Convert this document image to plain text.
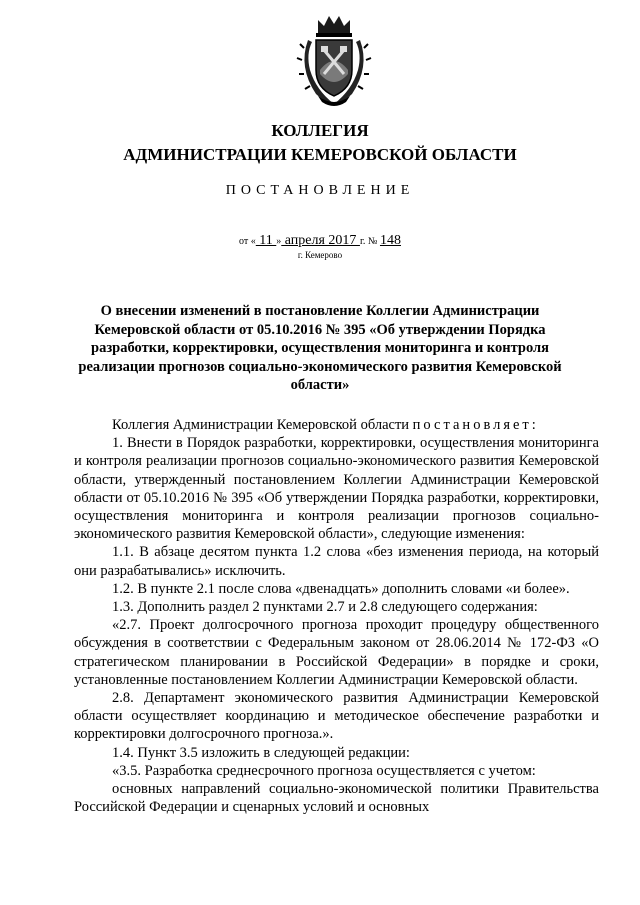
КОЛЛЕГИЯ
АДМИНИСТРАЦИИ КЕМЕРОВСКОЙ ОБЛАСТИ
ПОСТАНОВЛЕНИЕ
от « 11 » апреля 2017 г. № 148
г. Кемерово
О внесении изменений в постановление Коллегии Администрации Кемеровской области от 05.10.2016 № 395 «Об утверждении Порядка разработки, корректировки, осуществления мониторинга и контроля реализации прогнозов социально-экономического развития Кемеровской области»

Коллегия Администрации Кемеровской области постановляет:

1. Внести в Порядок разработки, корректировки, осуществления мониторинга и контроля реализации прогнозов социально-экономического развития Кемеровской области, утвержденный постановлением Коллегии Администрации Кемеровской области от 05.10.2016 № 395 «Об утверждении Порядка разработки, корректировки, осуществления мониторинга и контроля реализации прогнозов социально-экономического развития Кемеровской области», следующие изменения:

1.1. В абзаце десятом пункта 1.2 слова «без изменения периода, на который они разрабатывались» исключить.

1.2. В пункте 2.1 после слова «двенадцать» дополнить словами «и более».

1.3. Дополнить раздел 2 пунктами 2.7 и 2.8 следующего содержания:

«2.7. Проект долгосрочного прогноза проходит процедуру общественного обсуждения в соответствии с Федеральным законом от 28.06.2014 № 172-ФЗ «О стратегическом планировании в Российской Федерации» в порядке и сроки, установленные постановлением Коллегии Администрации Кемеровской области.

2.8. Департамент экономического развития Администрации Кемеровской области осуществляет координацию и методическое обеспечение разработки и корректировки долгосрочного прогноза.».

1.4. Пункт 3.5 изложить в следующей редакции:

«3.5. Разработка среднесрочного прогноза осуществляется с учетом:

основных направлений социально-экономической политики Правительства Российской Федерации и сценарных условий и основных
